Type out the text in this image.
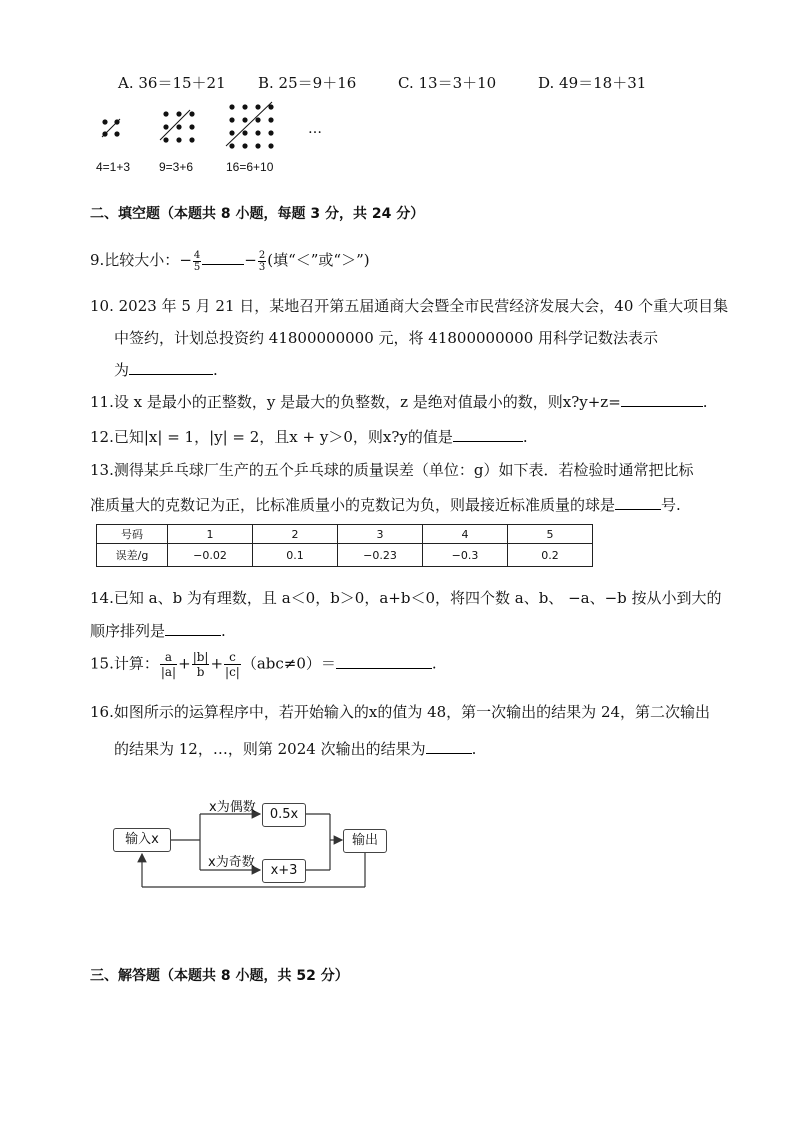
A. 36＝15＋21 B. 25＝9＋16	C. 13＝3＋10	D. 49＝18＋31
…
4=1+3 9=3+6	16=6+10
二、填空题（本题共 8 小题，每题 3 分，共 24 分）
9.比较大小：− $\frac{4}{5}$	− $\frac{2}{3}$ (填“＜”或“＞”)
10. 2023 年 5 月 21 日，某地召开第五届通商大会暨全市民营经济发展大会，40 个重大项目集
中签约，计划总投资约 41800000000 元，将 41800000000 用科学记数法表示
为	.
11.设 x 是最小的正整数，y 是最大的负整数，z 是绝对值最小的数，则x?y+z=	.
12.已知|x| = 1，|y| = 2，且x + y＞0，则x?y的值是	.
13.测得某乒乓球厂生产的五个乒乓球的质量误差（单位：g）如下表．若检验时通常把比标
准质量大的克数记为正，比标准质量小的克数记为负，则最接近标准质量的球是	号.
号码	1	2	3	4	5
误差/g	−0.02	0.1	−0.23	−0.3	0.2
14.已知 a、b 为有理数，且 a＜0，b＞0，a+b＜0，将四个数 a、b、 −a、−b 按从小到大的
顺序排列是	.
15.计算： $\frac{a}{|a|} + \frac{|b|}{b} + \frac{c}{|c|} (abc\ne 0)=$	.
16.如图所示的运算程序中，若开始输入的x的值为 48，第一次输出的结果为 24，第二次输出
的结果为 12，…，则第 2024 次输出的结果为	.
输入x
x为偶数	0.5x
x为奇数
x+3
输出
三、解答题（本题共 8 小题，共 52 分）
